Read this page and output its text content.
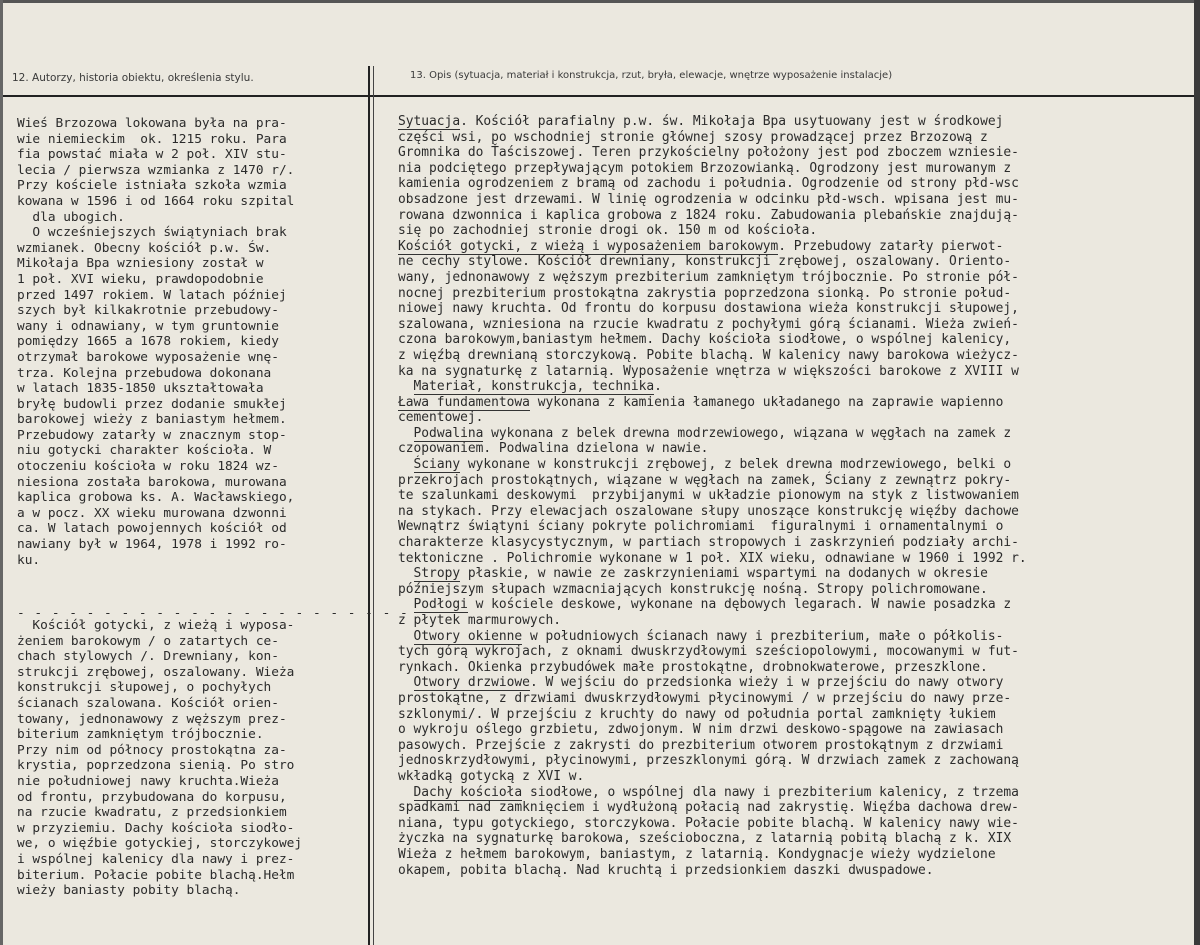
12. Autorzy, historia obiektu, określenia stylu.	13. Opis (sytuacja, materiał i konstrukcja, rzut, bryła, elewacje, wnętrze wyposażenie instalacje)
Wieś Brzozowa lokowana była na pra-
wie niemieckim  ok. 1215 roku. Para
fia powstać miała w 2 poł. XIV stu-
lecia / pierwsza wzmianka z 1470 r/.
Przy kościele istniała szkoła wzmia
kowana w 1596 i od 1664 roku szpital
dla ubogich.
O wcześniejszych świątyniach brak
wzmianek. Obecny kościół p.w. Św.
Mikołaja Bpa wzniesiony został w
1 poł. XVI wieku, prawdopodobnie
przed 1497 rokiem. W latach później
szych był kilkakrotnie przebudowy-
wany i odnawiany, w tym gruntownie
pomiędzy 1665 a 1678 rokiem, kiedy
otrzymał barokowe wyposażenie wnę-
trza. Kolejna przebudowa dokonana
w latach 1835-1850 ukształtowała
bryłę budowli przez dodanie smukłej
barokowej wieży z baniastym hełmem.
Przebudowy zatarły w znacznym stop-
niu gotycki charakter kościoła. W
otoczeniu kościoła w roku 1824 wz-
niesiona została barokowa, murowana
kaplica grobowa ks. A. Wacławskiego,
a w pocz. XX wieku murowana dzwonni
ca. W latach powojennych kościół od
nawiany był w 1964, 1978 i 1992 ro-
ku.
- - - - - - - - - - - - - - - - - - - - - - -
Kościół gotycki, z wieżą i wyposa-
żeniem barokowym / o zatartych ce-
chach stylowych /. Drewniany, kon-
strukcji zrębowej, oszalowany. Wieża
konstrukcji słupowej, o pochyłych
ścianach szalowana. Kościół orien-
towany, jednonawowy z węższym prez-
biterium zamkniętym trójbocznie.
Przy nim od północy prostokątna za-
krystia, poprzedzona sienią. Po stro
nie południowej nawy kruchta.Wieża
od frontu, przybudowana do korpusu,
na rzucie kwadratu, z przedsionkiem
w przyziemiu. Dachy kościoła siodło-
we, o więźbie gotyckiej, storczykowej
i wspólnej kalenicy dla nawy i prez-
biterium. Połacie pobite blachą.Hełm
wieży baniasty pobity blachą.
Sytuacja. Kościół parafialny p.w. św. Mikołaja Bpa usytuowany jest w środkowej
części wsi, po wschodniej stronie głównej szosy prowadzącej przez Brzozową z
Gromnika do Ťaściszowej. Teren przykościelny położony jest pod zboczem wzniesie-
nia podciętego przepływającym potokiem Brzozowianką. Ogrodzony jest murowanym z
kamienia ogrodzeniem z bramą od zachodu i południa. Ogrodzenie od strony płd-wsc
obsadzone jest drzewami. W linię ogrodzenia w odcinku płd-wsch. wpisana jest mu-
rowana dzwonnica i kaplica grobowa z 1824 roku. Zabudowania plebańskie znajdują-
się po zachodniej stronie drogi ok. 150 m od kościoła.
Kościół gotycki, z wieżą i wyposażeniem barokowym. Przebudowy zatarły pierwot-
ne cechy stylowe. Kościół drewniany, konstrukcji zrębowej, oszalowany. Oriento-
wany, jednonawowy z węższym prezbiterium zamkniętym trójbocznie. Po stronie pół-
nocnej prezbiterium prostokątna zakrystia poprzedzona sionką. Po stronie połud-
niowej nawy kruchta. Od frontu do korpusu dostawiona wieża konstrukcji słupowej,
szalowana, wzniesiona na rzucie kwadratu z pochyłymi górą ścianami. Wieża zwień-
czona barokowym,baniastym hełmem. Dachy kościoła siodłowe, o wspólnej kalenicy,
z więźbą drewnianą storczykową. Pobite blachą. W kalenicy nawy barokowa wieżycz-
ka na sygnaturkę z latarnią. Wyposażenie wnętrza w większości barokowe z XVIII w
Materiał, konstrukcja, technika.
Ława fundamentowa wykonana z kamienia łamanego układanego na zaprawie wapienno
cementowej.
Podwalina wykonana z belek drewna modrzewiowego, wiązana w węgłach na zamek z
czopowaniem. Podwalina dzielona w nawie.
Ściany wykonane w konstrukcji zrębowej, z belek drewna modrzewiowego, belki o
przekrojach prostokątnych, wiązane w węgłach na zamek, Ściany z zewnątrz pokry-
te szalunkami deskowymi  przybijanymi w układzie pionowym na styk z listwowaniem
na stykach. Przy elewacjach oszalowane słupy unoszące konstrukcję więźby dachowe
Wewnątrz świątyni ściany pokryte polichromiami  figuralnymi i ornamentalnymi o
charakterze klasycystycznym, w partiach stropowych i zaskrzynień podziały archi-
tektoniczne . Polichromie wykonane w 1 poł. XIX wieku, odnawiane w 1960 i 1992 r.
Stropy płaskie, w nawie ze zaskrzynieniami wspartymi na dodanych w okresie
późniejszym słupach wzmacniających konstrukcję nośną. Stropy polichromowane.
Podłogi w kościele deskowe, wykonane na dębowych legarach. W nawie posadzka z
z płytek marmurowych.
Otwory okienne w południowych ścianach nawy i prezbiterium, małe o półkolis-
tych górą wykrojach, z oknami dwuskrzydłowymi sześciopolowymi, mocowanymi w fut-
rynkach. Okienka przybudówek małe prostokątne, drobnokwaterowe, przeszklone.
Otwory drzwiowe. W wejściu do przedsionka wieży i w przejściu do nawy otwory
prostokątne, z drzwiami dwuskrzydłowymi płycinowymi / w przejściu do nawy prze-
szklonymi/. W przejściu z kruchty do nawy od południa portal zamknięty łukiem
o wykroju oślego grzbietu, zdwojonym. W nim drzwi deskowo-spągowe na zawiasach
pasowych. Przejście z zakrysti do prezbiterium otworem prostokątnym z drzwiami
jednoskrzydłowymi, płycinowymi, przeszklonymi górą. W drzwiach zamek z zachowaną
wkładką gotycką z XVI w.
Dachy kościoła siodłowe, o wspólnej dla nawy i prezbiterium kalenicy, z trzema
spadkami nad zamknięciem i wydłużoną połacią nad zakrystię. Więźba dachowa drew-
niana, typu gotyckiego, storczykowa. Połacie pobite blachą. W kalenicy nawy wie-
życzka na sygnaturkę barokowa, sześcioboczna, z latarnią pobitą blachą z k. XIX
Wieża z hełmem barokowym, baniastym, z latarnią. Kondygnacje wieży wydzielone
okapem, pobita blachą. Nad kruchtą i przedsionkiem daszki dwuspadowe.
